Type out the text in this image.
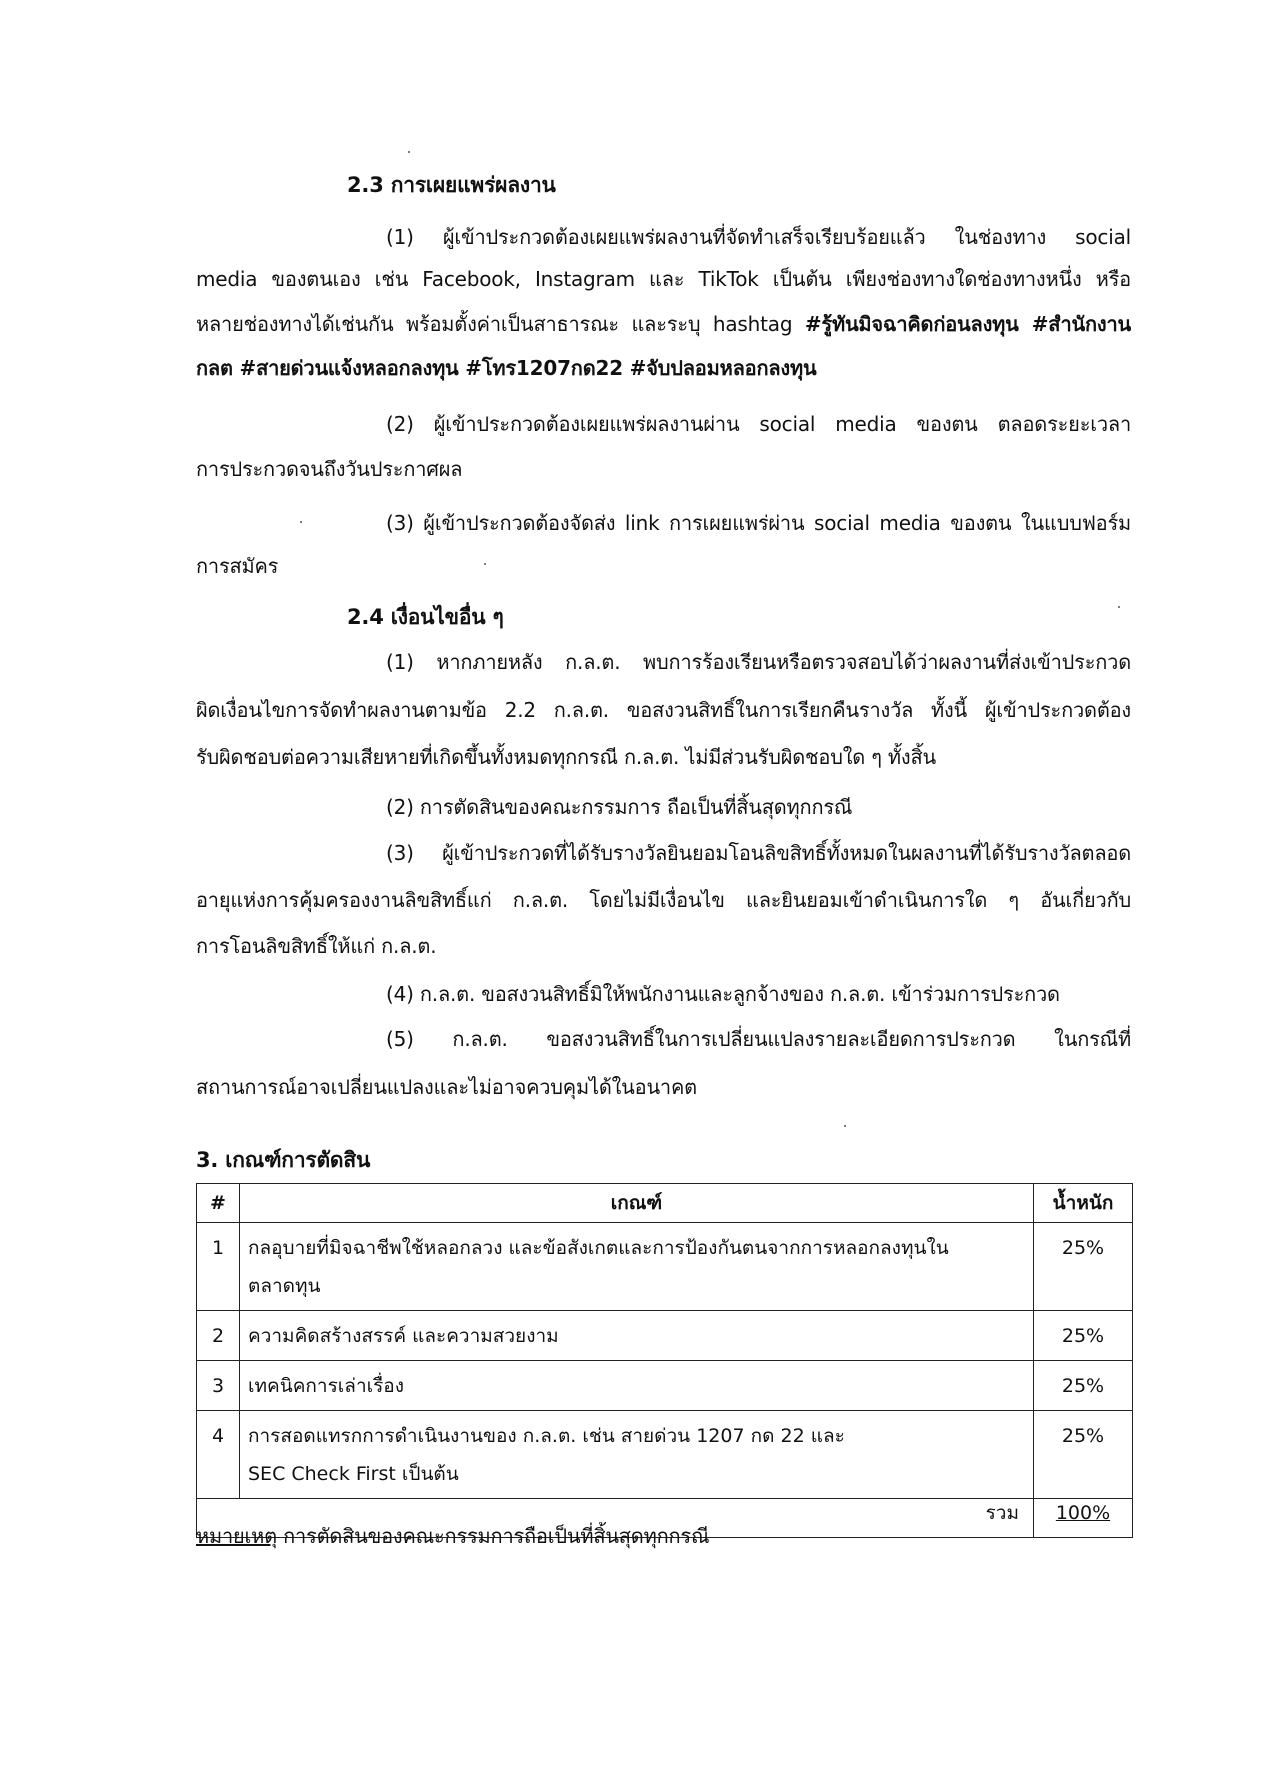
2.3 การเผยแพร่ผลงาน
(1) ผู้เข้าประกวดต้องเผยแพร่ผลงานที่จัดทำเสร็จเรียบร้อยแล้ว ในช่องทาง social
media ของตนเอง เช่น Facebook, Instagram และ TikTok เป็นต้น เพียงช่องทางใดช่องทางหนึ่ง หรือ
หลายช่องทางได้เช่นกัน พร้อมตั้งค่าเป็นสาธารณะ และระบุ hashtag #รู้ทันมิจฉาคิดก่อนลงทุน #สำนักงาน
กลต #สายด่วนแจ้งหลอกลงทุน #โทร1207กด22 #จับปลอมหลอกลงทุน
(2) ผู้เข้าประกวดต้องเผยแพร่ผลงานผ่าน social media ของตน ตลอดระยะเวลา
การประกวดจนถึงวันประกาศผล
(3) ผู้เข้าประกวดต้องจัดส่ง link การเผยแพร่ผ่าน social media ของตน ในแบบฟอร์ม
การสมัคร
2.4 เงื่อนไขอื่น ๆ
(1) หากภายหลัง ก.ล.ต. พบการร้องเรียนหรือตรวจสอบได้ว่าผลงานที่ส่งเข้าประกวด
ผิดเงื่อนไขการจัดทำผลงานตามข้อ 2.2 ก.ล.ต. ขอสงวนสิทธิ์ในการเรียกคืนรางวัล ทั้งนี้ ผู้เข้าประกวดต้อง
รับผิดชอบต่อความเสียหายที่เกิดขึ้นทั้งหมดทุกกรณี ก.ล.ต. ไม่มีส่วนรับผิดชอบใด ๆ ทั้งสิ้น
(2) การตัดสินของคณะกรรมการ ถือเป็นที่สิ้นสุดทุกกรณี
(3) ผู้เข้าประกวดที่ได้รับรางวัลยินยอมโอนลิขสิทธิ์ทั้งหมดในผลงานที่ได้รับรางวัลตลอด
อายุแห่งการคุ้มครองงานลิขสิทธิ์แก่ ก.ล.ต. โดยไม่มีเงื่อนไข และยินยอมเข้าดำเนินการใด ๆ อันเกี่ยวกับ
การโอนลิขสิทธิ์ให้แก่ ก.ล.ต.
(4) ก.ล.ต. ขอสงวนสิทธิ์มิให้พนักงานและลูกจ้างของ ก.ล.ต. เข้าร่วมการประกวด
(5) ก.ล.ต. ขอสงวนสิทธิ์ในการเปลี่ยนแปลงรายละเอียดการประกวด ในกรณีที่
สถานการณ์อาจเปลี่ยนแปลงและไม่อาจควบคุมได้ในอนาคต
3. เกณฑ์การตัดสิน
#	เกณฑ์	น้ำหนัก

1	กลอุบายที่มิจฉาชีพใช้หลอกลวง และข้อสังเกตและการป้องกันตนจากการหลอกลงทุนใน
ตลาดทุน	25%

2	ความคิดสร้างสรรค์ และความสวยงาม	25%

3	เทคนิคการเล่าเรื่อง	25%

4	การสอดแทรกการดำเนินงานของ ก.ล.ต. เช่น สายด่วน 1207 กด 22 และ
SEC Check First เป็นต้น	25%

รวม		100%
หมายเหตุ การตัดสินของคณะกรรมการถือเป็นที่สิ้นสุดทุกกรณี
